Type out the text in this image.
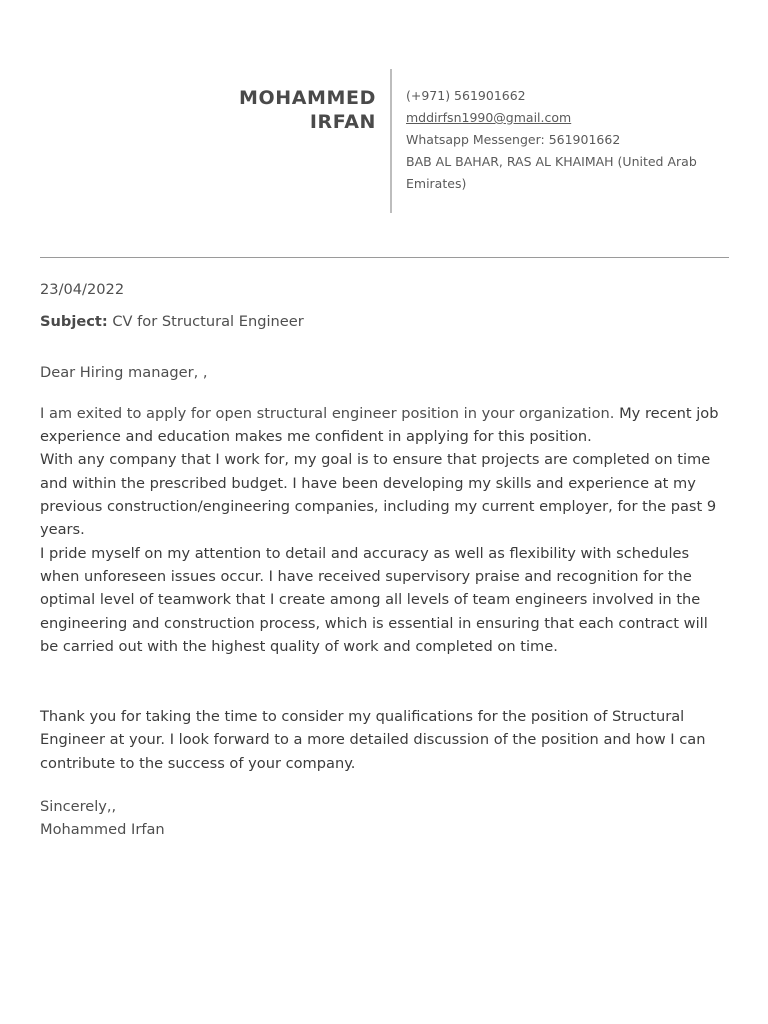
MOHAMMED
IRFAN
(+971) 561901662
mddirfsn1990@gmail.com
Whatsapp Messenger: 561901662
BAB AL BAHAR, RAS AL KHAIMAH (United Arab Emirates)

23/04/2022

Subject: CV for Structural Engineer

Dear Hiring manager, ,

I am exited to apply for open structural engineer position in your organization. My recent job experience and education makes me confident in applying for this position.

With any company that I work for, my goal is to ensure that projects are completed on time and within the prescribed budget. I have been developing my skills and experience at my previous construction/engineering companies, including my current employer, for the past 9 years.

I pride myself on my attention to detail and accuracy as well as flexibility with schedules when unforeseen issues occur. I have received supervisory praise and recognition for the optimal level of teamwork that I create among all levels of team engineers involved in the engineering and construction process, which is essential in ensuring that each contract will be carried out with the highest quality of work and completed on time.

Thank you for taking the time to consider my qualifications for the position of Structural Engineer at your. I look forward to a more detailed discussion of the position and how I can contribute to the success of your company.

Sincerely,,

Mohammed Irfan
